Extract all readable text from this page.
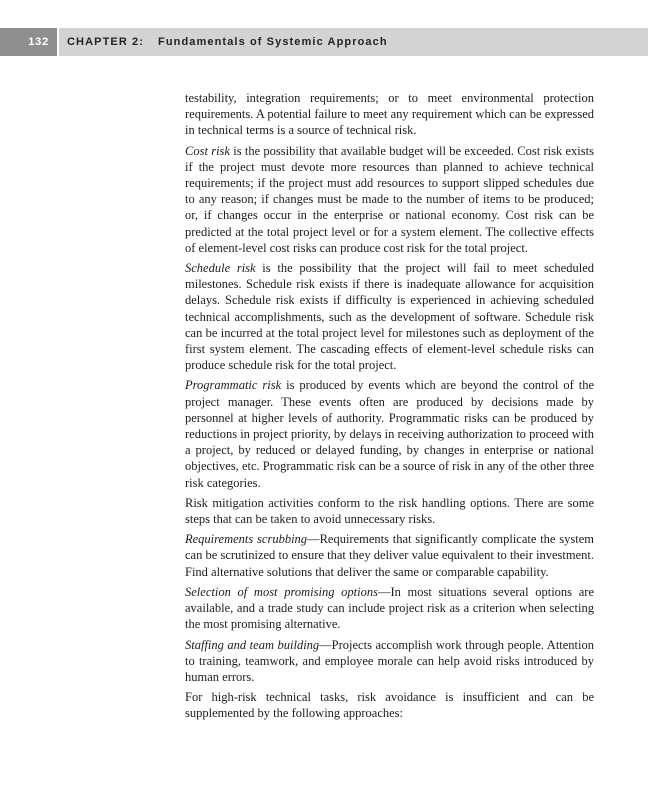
132 CHAPTER 2: Fundamentals of Systemic Approach

testability, integration requirements; or to meet environmental protection requirements. A potential failure to meet any requirement which can be expressed in technical terms is a source of technical risk.

Cost risk is the possibility that available budget will be exceeded. Cost risk exists if the project must devote more resources than planned to achieve technical requirements; if the project must add resources to support slipped schedules due to any reason; if changes must be made to the number of items to be produced; or, if changes occur in the enterprise or national economy. Cost risk can be predicted at the total project level or for a system element. The collective effects of element-level cost risks can produce cost risk for the total project.

Schedule risk is the possibility that the project will fail to meet scheduled milestones. Schedule risk exists if there is inadequate allowance for acquisition delays. Schedule risk exists if difficulty is experienced in achieving scheduled technical accomplishments, such as the development of software. Schedule risk can be incurred at the total project level for milestones such as deployment of the first system element. The cascading effects of element-level schedule risks can produce schedule risk for the total project.

Programmatic risk is produced by events which are beyond the control of the project manager. These events often are produced by decisions made by personnel at higher levels of authority. Programmatic risks can be produced by reductions in project priority, by delays in receiving authorization to proceed with a project, by reduced or delayed funding, by changes in enterprise or national objectives, etc. Programmatic risk can be a source of risk in any of the other three risk categories.

Risk mitigation activities conform to the risk handling options. There are some steps that can be taken to avoid unnecessary risks.

Requirements scrubbing—Requirements that significantly complicate the system can be scrutinized to ensure that they deliver value equivalent to their investment. Find alternative solutions that deliver the same or comparable capability.

Selection of most promising options—In most situations several options are available, and a trade study can include project risk as a criterion when selecting the most promising alternative.

Staffing and team building—Projects accomplish work through people. Attention to training, teamwork, and employee morale can help avoid risks introduced by human errors.

For high-risk technical tasks, risk avoidance is insufficient and can be supplemented by the following approaches:
